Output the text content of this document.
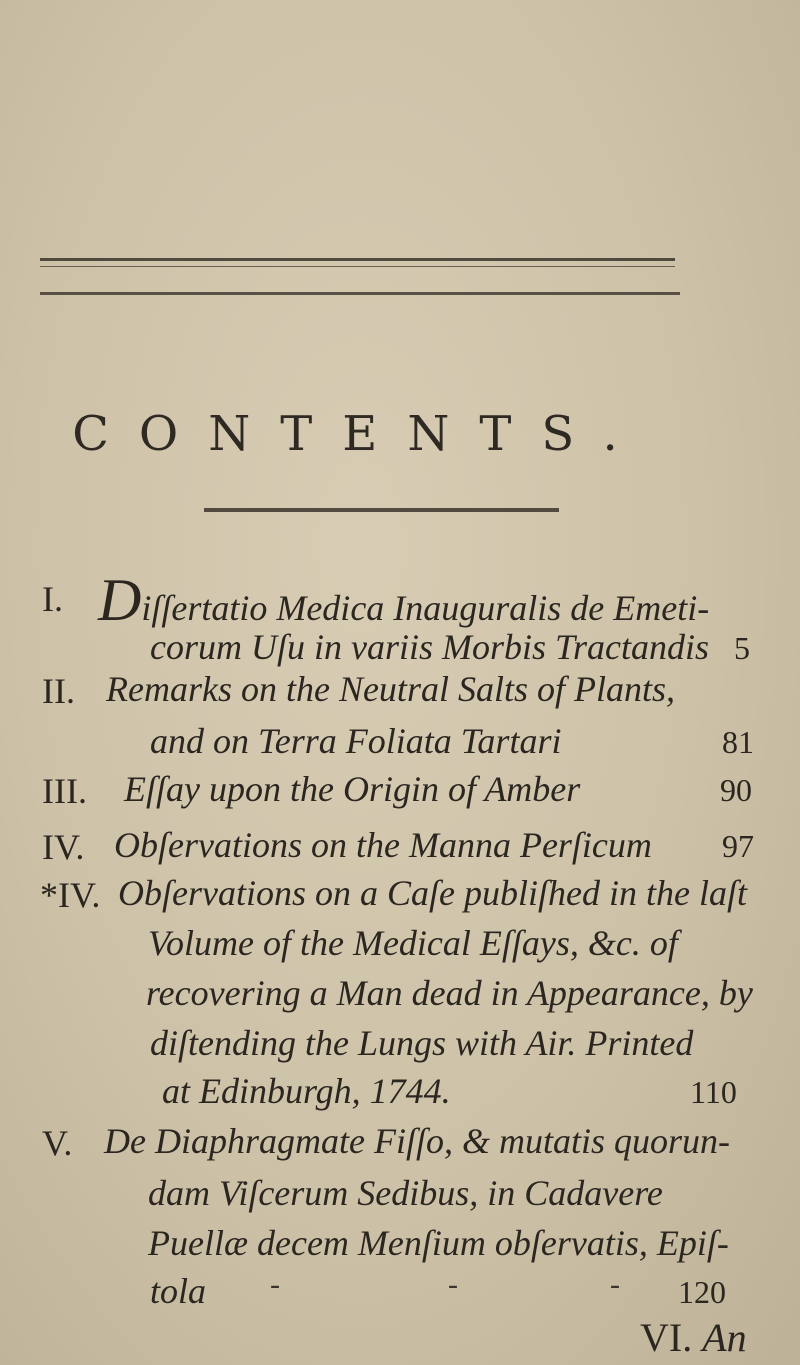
CONTENTS.
I. Diſſertatio Medica Inauguralis de Emeti-
corum Uſu in variis Morbis Tractandis 5
II. Remarks on the Neutral Salts of Plants,
and on Terra Foliata Tartari	81
III. Eſſay upon the Origin of Amber	90
IV. Obſervations on the Manna Perſicum 97
*IV. Obſervations on a Caſe publiſhed in the laſt
Volume of the Medical Eſſays, &c. of
recovering a Man dead in Appearance, by
diſtending the Lungs with Air. Printed
at Edinburgh, 1744.	110
V. De Diaphragmate Fiſſo, & mutatis quorun-
dam Viſcerum Sedibus, in Cadavere
Puellæ decem Menſium obſervatis, Epiſ-
tola -	-	- 120
VI. An
